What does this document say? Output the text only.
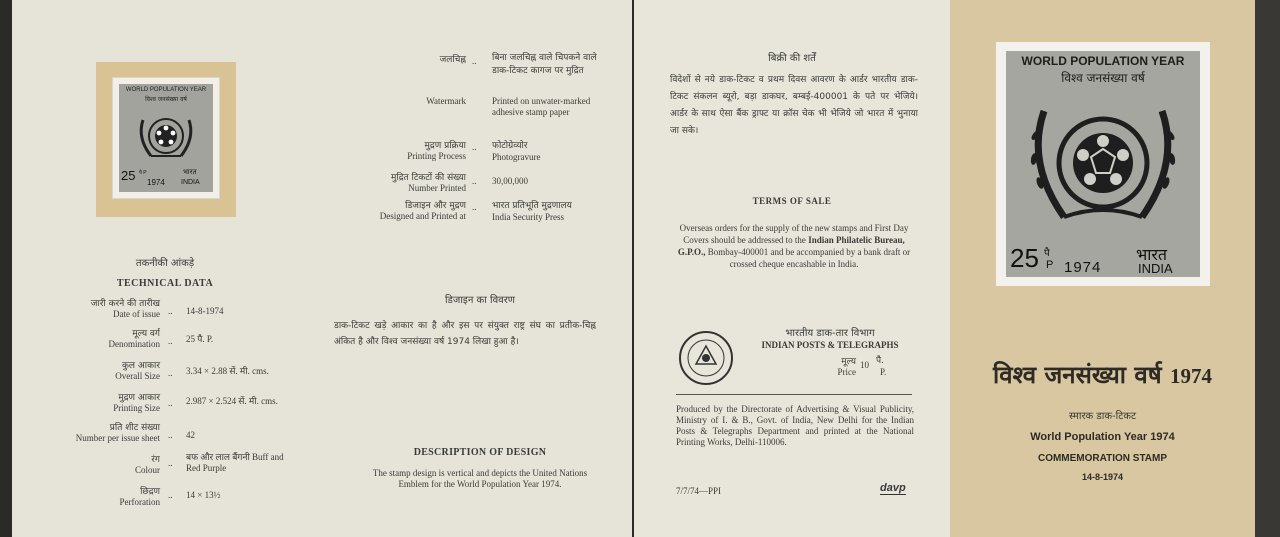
WORLD POPULATION YEAR
विश्व जनसंख्या वर्ष
25 पै P
1974
भारत
INDIA
तकनीकी आंकड़े
TECHNICAL DATA
जारी करने की तारीख
Date of issue .. 14-8-1974
मूल्य वर्ग
Denomination .. 25 पै. P.
कुल आकार
Overall Size .. 3.34 × 2.88 सें. मी. cms.
मुद्रण आकार
Printing Size .. 2.987 × 2.524 सें. मी. cms.
प्रति शीट संख्या
Number per issue sheet .. 42
रंग
Colour
..
बफ और लाल बैंगनी Buff and Red Purple
छिद्रण
Perforation
.. 14 × 13½
जलचिह्न
Watermark
.. बिना जलचिह्न वाले चिपकने वाले डाक-टिकट कागज पर मुद्रित
Printed on unwater-marked adhesive stamp paper
मुद्रण प्रक्रिया
Printing Process
.. फोटोग्रेव्योर
Photogravure
मुद्रित टिकटों की संख्या
Number Printed
.. 30,00,000
डिजाइन और मुद्रण
Designed and Printed at
.. भारत प्रतिभूति मुद्रणालय
India Security Press
डिजाइन का विवरण
डाक-टिकट खड़े आकार का है और इस पर संयुक्त राष्ट्र संघ का प्रतीक-चिह्न अंकित है और विश्व जनसंख्या वर्ष 1974 लिखा हुआ है।
DESCRIPTION OF DESIGN
The stamp design is vertical and depicts the United Nations Emblem for the World Population Year 1974.
बिक्री की शर्तें
विदेशों से नये डाक-टिकट व प्रथम दिवस आवरण के आर्डर भारतीय डाक-टिकट संकलन ब्यूरो, बड़ा डाकघर, बम्बई-400001 के पते पर भेजिये। आर्डर के साथ ऐसा बैंक ड्राफ्ट या क्रॉस चेक भी भेजिये जो भारत में भुनाया जा सके।
TERMS OF SALE
Overseas orders for the supply of the new stamps and First Day Covers should be addressed to the Indian Philatelic Bureau, G.P.O., Bombay-400001 and be accompanied by a bank draft or crossed cheque encashable in India.
भारतीय डाक-तार विभाग
INDIAN POSTS & TELEGRAPHS
मूल्य
Price
10 पै.
P.
Produced by the Directorate of Advertising & Visual Publicity, Ministry of I. & B., Govt. of India, New Delhi for the Indian Posts & Telegraphs Department and printed at the National Printing Works, Delhi-110006.
7/7/74—PPI	davp
WORLD POPULATION YEAR
विश्व जनसंख्या वर्ष
25 पै
P 1974
भारत
INDIA
विश्व जनसंख्या वर्ष 1974
स्मारक डाक-टिकट
World Population Year 1974
COMMEMORATION STAMP
14-8-1974
